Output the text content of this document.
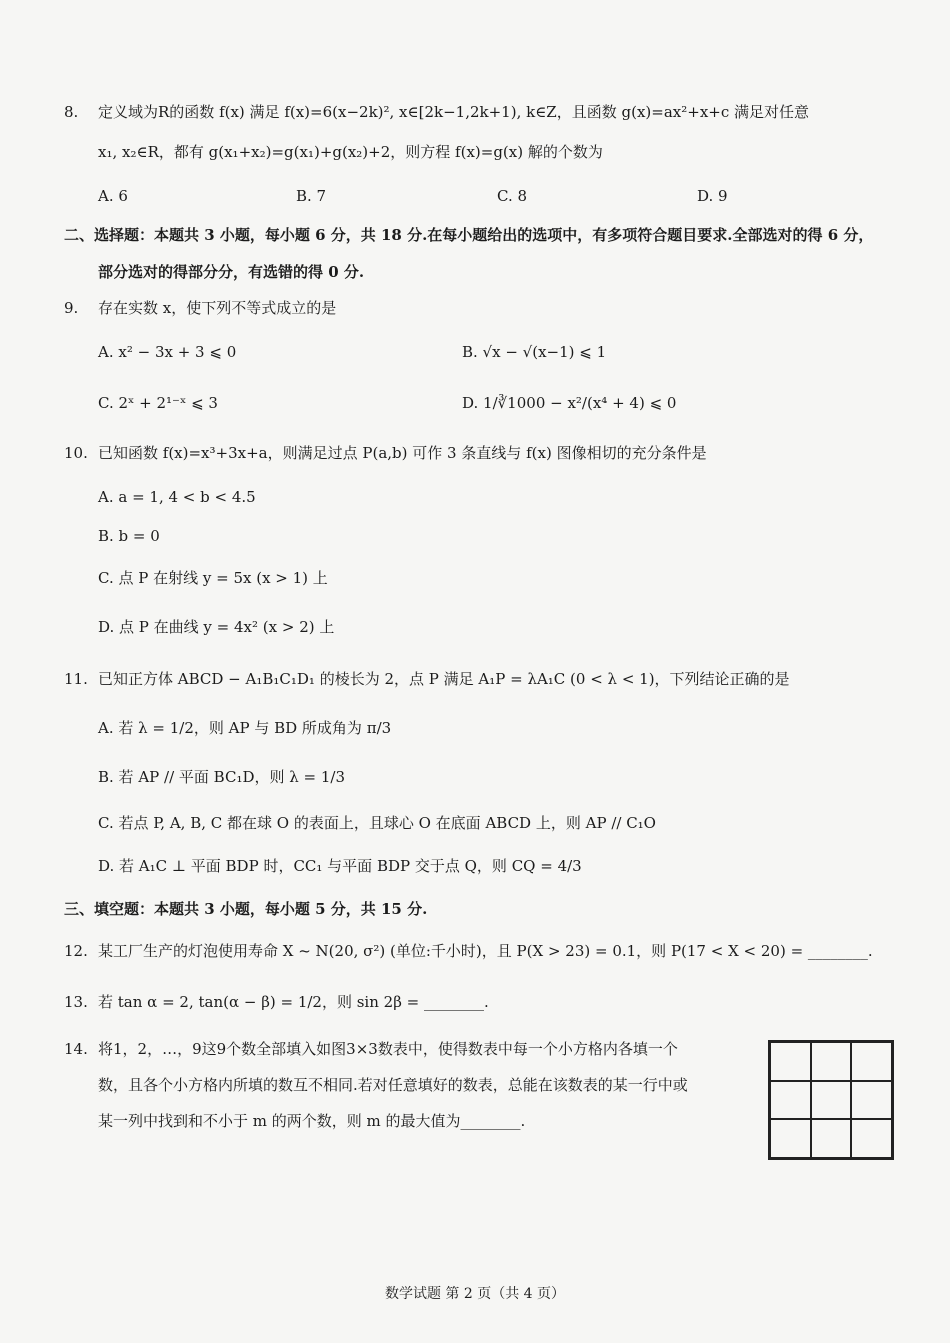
8. 定义域为R的函数 f(x) 满足 f(x)=6(x−2k)², x∈[2k−1,2k+1), k∈Z，且函数 g(x)=ax²+x+c 满足对任意
x₁, x₂∈R，都有 g(x₁+x₂)=g(x₁)+g(x₂)+2，则方程 f(x)=g(x) 解的个数为
A. 6	B. 7	C. 8	D. 9
二、选择题：本题共 3 小题，每小题 6 分，共 18 分.在每小题给出的选项中，有多项符合题目要求.全部选对的得 6 分，
部分选对的得部分分，有选错的得 0 分.
9. 存在实数 x，使下列不等式成立的是
A. x² − 3x + 3 ⩽ 0	B. √x − √(x−1) ⩽ 1
C. 2ˣ + 2¹⁻ˣ ⩽ 3	D. 1/∛1000 − x²/(x⁴ + 4) ⩽ 0
10. 已知函数 f(x)=x³+3x+a，则满足过点 P(a,b) 可作 3 条直线与 f(x) 图像相切的充分条件是
A. a = 1, 4 < b < 4.5
B. b = 0
C. 点 P 在射线 y = 5x (x > 1) 上
D. 点 P 在曲线 y = 4x² (x > 2) 上
11. 已知正方体 ABCD − A₁B₁C₁D₁ 的棱长为 2，点 P 满足 A₁P = λA₁C (0 < λ < 1)，下列结论正确的是
A. 若 λ = 1/2，则 AP 与 BD 所成角为 π/3
B. 若 AP // 平面 BC₁D，则 λ = 1/3
C. 若点 P, A, B, C 都在球 O 的表面上，且球心 O 在底面 ABCD 上，则 AP // C₁O
D. 若 A₁C ⊥ 平面 BDP 时，CC₁ 与平面 BDP 交于点 Q，则 CQ = 4/3
三、填空题：本题共 3 小题，每小题 5 分，共 15 分.
12. 某工厂生产的灯泡使用寿命 X ~ N(20, σ²) (单位:千小时)，且 P(X > 23) = 0.1，则 P(17 < X < 20) = ________.
13. 若 tan α = 2, tan(α − β) = 1/2，则 sin 2β = ________.
14. 将1，2，…，9这9个数全部填入如图3×3数表中，使得数表中每一个小方格内各填一个
数，且各个小方格内所填的数互不相同.若对任意填好的数表，总能在该数表的某一行中或
某一列中找到和不小于 m 的两个数，则 m 的最大值为________.
数学试题 第 2 页（共 4 页）
